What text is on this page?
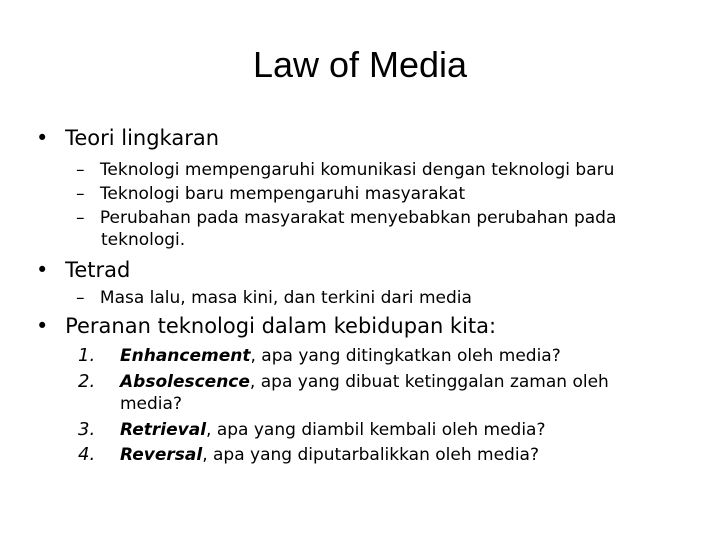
Law of Media
• Teori lingkaran
– Teknologi mempengaruhi komunikasi dengan teknologi baru
– Teknologi baru mempengaruhi masyarakat
– Perubahan pada masyarakat menyebabkan perubahan pada
teknologi.
• Tetrad
– Masa lalu, masa kini, dan terkini dari media
• Peranan teknologi dalam kebidupan kita:
1. Enhancement, apa yang ditingkatkan oleh media?
2. Absolescence, apa yang dibuat ketinggalan zaman oleh
media?
3. Retrieval, apa yang diambil kembali oleh media?
4. Reversal, apa yang diputarbalikkan oleh media?
